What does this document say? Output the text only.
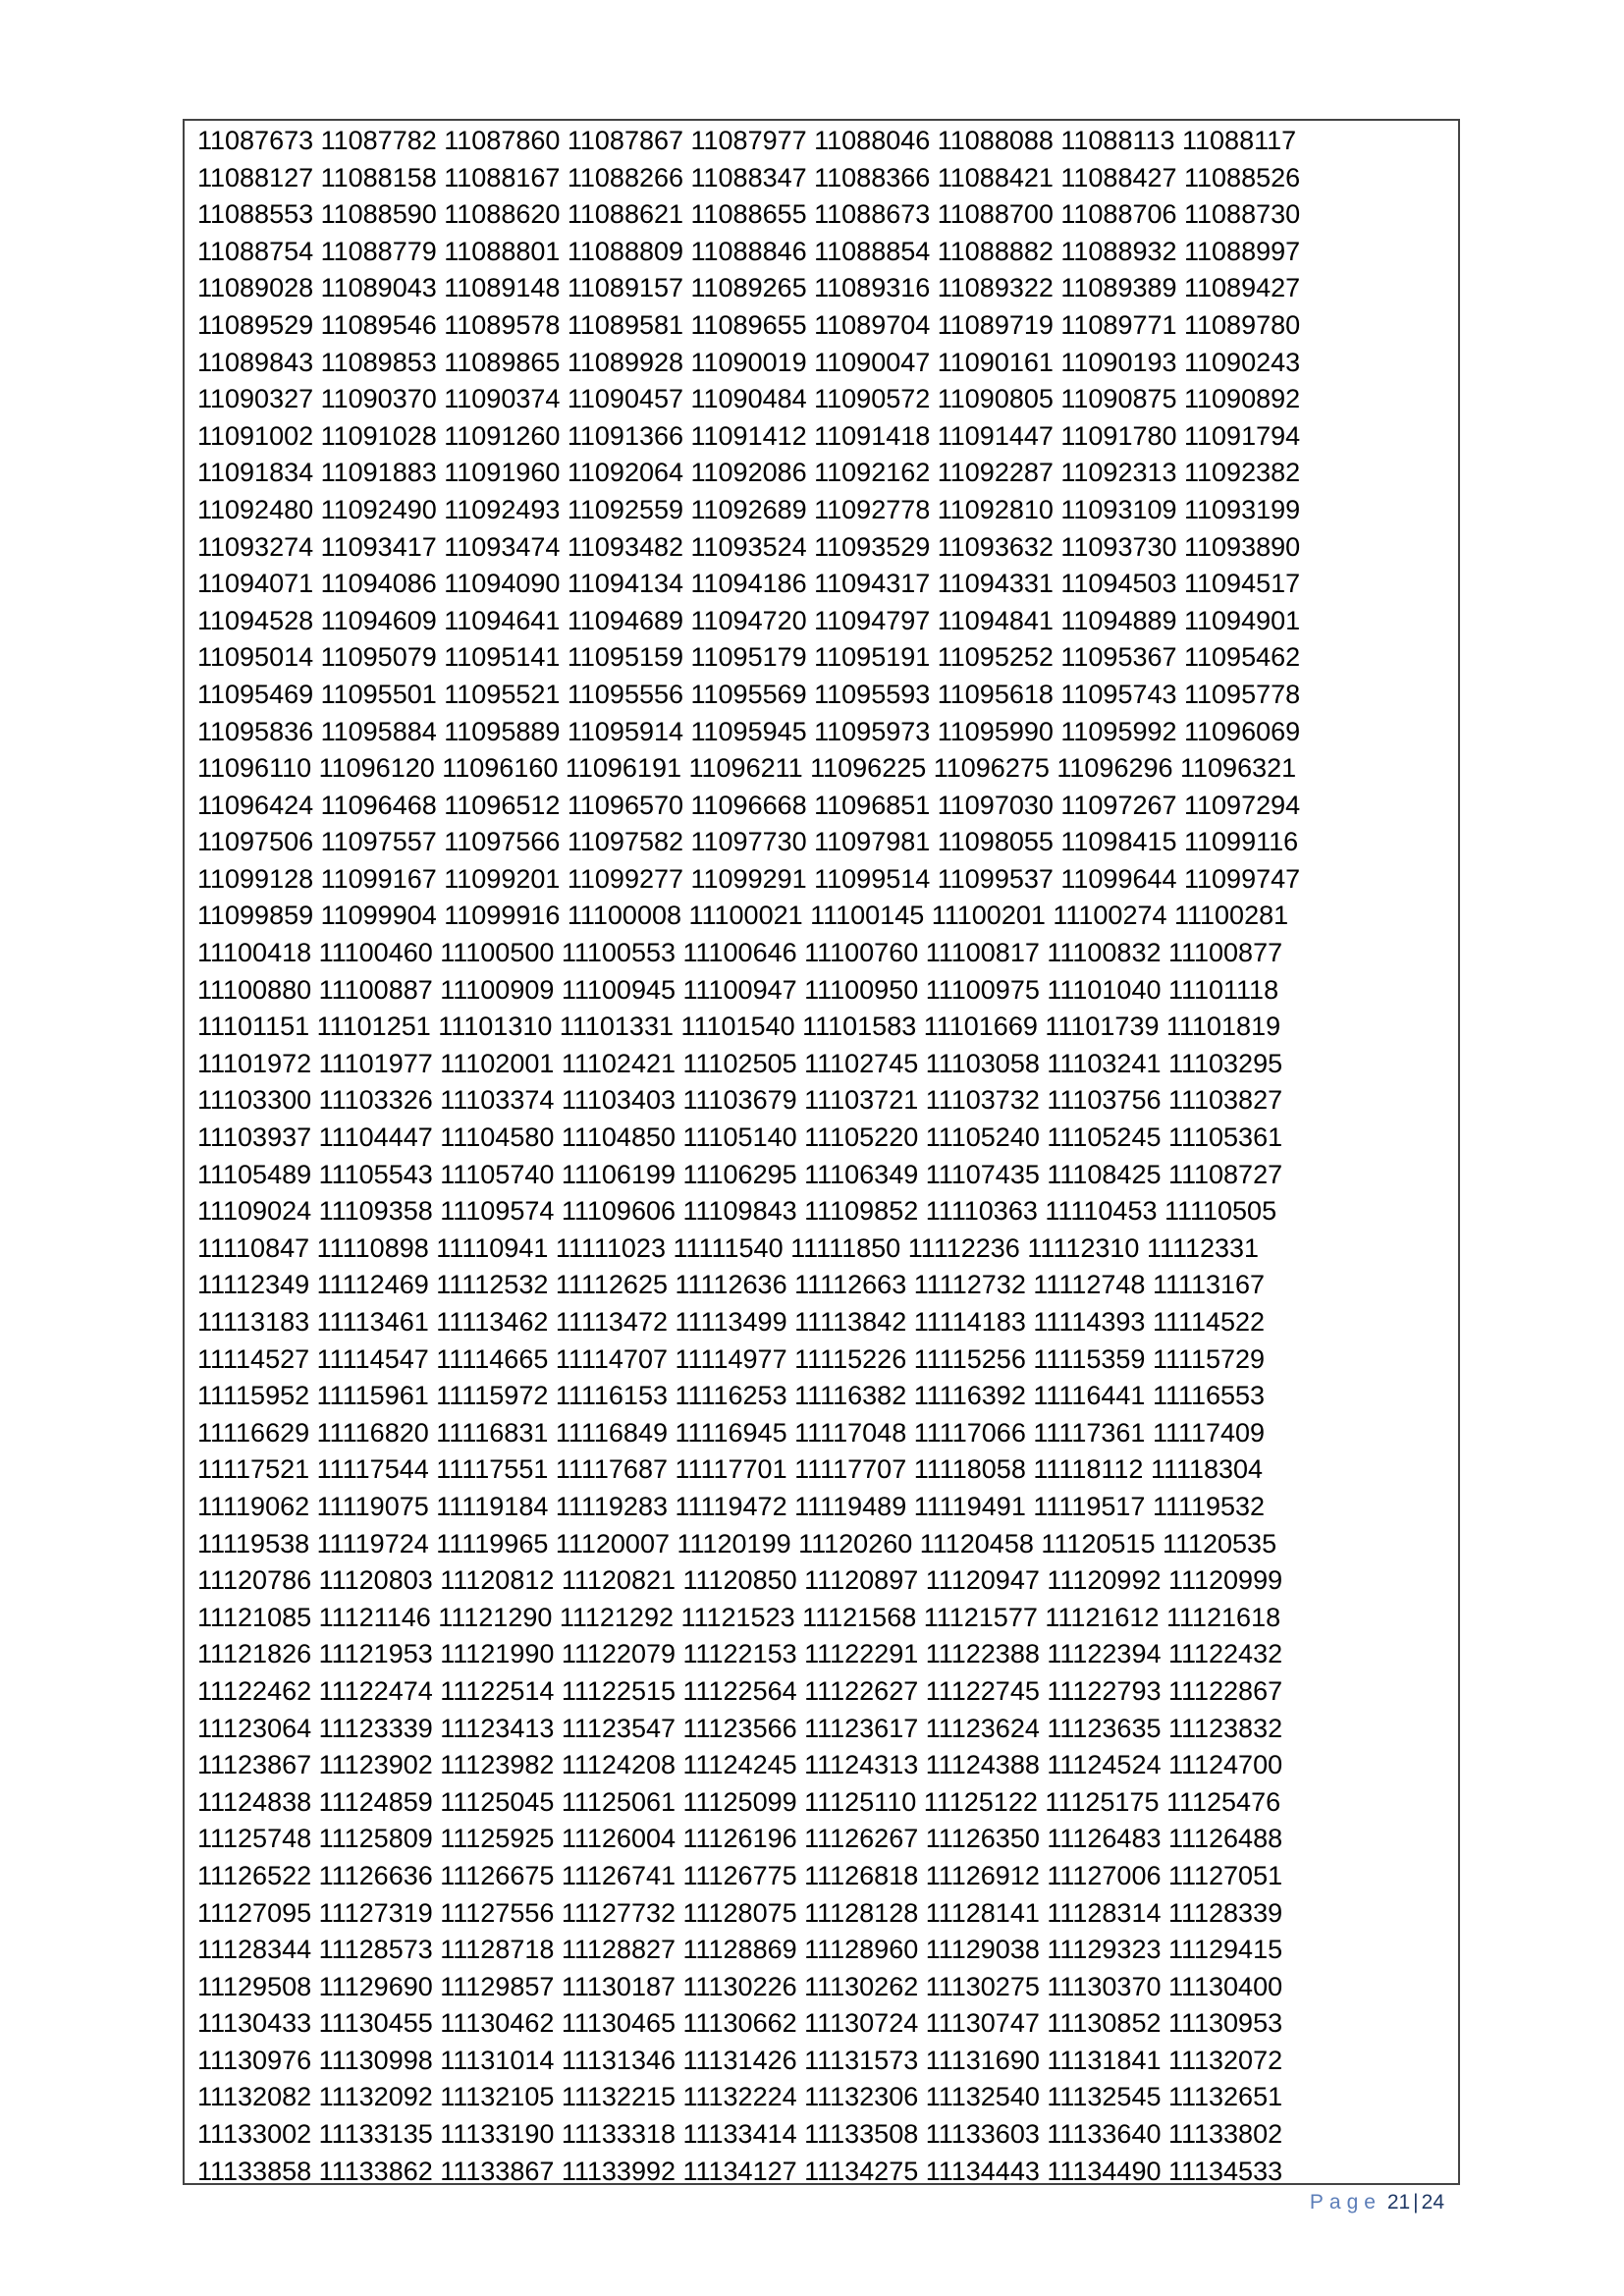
11087673 11087782 11087860 11087867 11087977 11088046 11088088 11088113 11088117
11088127 11088158 11088167 11088266 11088347 11088366 11088421 11088427 11088526
11088553 11088590 11088620 11088621 11088655 11088673 11088700 11088706 11088730
11088754 11088779 11088801 11088809 11088846 11088854 11088882 11088932 11088997
11089028 11089043 11089148 11089157 11089265 11089316 11089322 11089389 11089427
11089529 11089546 11089578 11089581 11089655 11089704 11089719 11089771 11089780
11089843 11089853 11089865 11089928 11090019 11090047 11090161 11090193 11090243
11090327 11090370 11090374 11090457 11090484 11090572 11090805 11090875 11090892
11091002 11091028 11091260 11091366 11091412 11091418 11091447 11091780 11091794
11091834 11091883 11091960 11092064 11092086 11092162 11092287 11092313 11092382
11092480 11092490 11092493 11092559 11092689 11092778 11092810 11093109 11093199
11093274 11093417 11093474 11093482 11093524 11093529 11093632 11093730 11093890
11094071 11094086 11094090 11094134 11094186 11094317 11094331 11094503 11094517
11094528 11094609 11094641 11094689 11094720 11094797 11094841 11094889 11094901
11095014 11095079 11095141 11095159 11095179 11095191 11095252 11095367 11095462
11095469 11095501 11095521 11095556 11095569 11095593 11095618 11095743 11095778
11095836 11095884 11095889 11095914 11095945 11095973 11095990 11095992 11096069
11096110 11096120 11096160 11096191 11096211 11096225 11096275 11096296 11096321
11096424 11096468 11096512 11096570 11096668 11096851 11097030 11097267 11097294
11097506 11097557 11097566 11097582 11097730 11097981 11098055 11098415 11099116
11099128 11099167 11099201 11099277 11099291 11099514 11099537 11099644 11099747
11099859 11099904 11099916 11100008 11100021 11100145 11100201 11100274 11100281
11100418 11100460 11100500 11100553 11100646 11100760 11100817 11100832 11100877
11100880 11100887 11100909 11100945 11100947 11100950 11100975 11101040 11101118
11101151 11101251 11101310 11101331 11101540 11101583 11101669 11101739 11101819
11101972 11101977 11102001 11102421 11102505 11102745 11103058 11103241 11103295
11103300 11103326 11103374 11103403 11103679 11103721 11103732 11103756 11103827
11103937 11104447 11104580 11104850 11105140 11105220 11105240 11105245 11105361
11105489 11105543 11105740 11106199 11106295 11106349 11107435 11108425 11108727
11109024 11109358 11109574 11109606 11109843 11109852 11110363 11110453 11110505
11110847 11110898 11110941 11111023 11111540 11111850 11112236 11112310 11112331
11112349 11112469 11112532 11112625 11112636 11112663 11112732 11112748 11113167
11113183 11113461 11113462 11113472 11113499 11113842 11114183 11114393 11114522
11114527 11114547 11114665 11114707 11114977 11115226 11115256 11115359 11115729
11115952 11115961 11115972 11116153 11116253 11116382 11116392 11116441 11116553
11116629 11116820 11116831 11116849 11116945 11117048 11117066 11117361 11117409
11117521 11117544 11117551 11117687 11117701 11117707 11118058 11118112 11118304
11119062 11119075 11119184 11119283 11119472 11119489 11119491 11119517 11119532
11119538 11119724 11119965 11120007 11120199 11120260 11120458 11120515 11120535
11120786 11120803 11120812 11120821 11120850 11120897 11120947 11120992 11120999
11121085 11121146 11121290 11121292 11121523 11121568 11121577 11121612 11121618
11121826 11121953 11121990 11122079 11122153 11122291 11122388 11122394 11122432
11122462 11122474 11122514 11122515 11122564 11122627 11122745 11122793 11122867
11123064 11123339 11123413 11123547 11123566 11123617 11123624 11123635 11123832
11123867 11123902 11123982 11124208 11124245 11124313 11124388 11124524 11124700
11124838 11124859 11125045 11125061 11125099 11125110 11125122 11125175 11125476
11125748 11125809 11125925 11126004 11126196 11126267 11126350 11126483 11126488
11126522 11126636 11126675 11126741 11126775 11126818 11126912 11127006 11127051
11127095 11127319 11127556 11127732 11128075 11128128 11128141 11128314 11128339
11128344 11128573 11128718 11128827 11128869 11128960 11129038 11129323 11129415
11129508 11129690 11129857 11130187 11130226 11130262 11130275 11130370 11130400
11130433 11130455 11130462 11130465 11130662 11130724 11130747 11130852 11130953
11130976 11130998 11131014 11131346 11131426 11131573 11131690 11131841 11132072
11132082 11132092 11132105 11132215 11132224 11132306 11132540 11132545 11132651
11133002 11133135 11133190 11133318 11133414 11133508 11133603 11133640 11133802
11133858 11133862 11133867 11133992 11134127 11134275 11134443 11134490 11134533
Page 21 | 24
